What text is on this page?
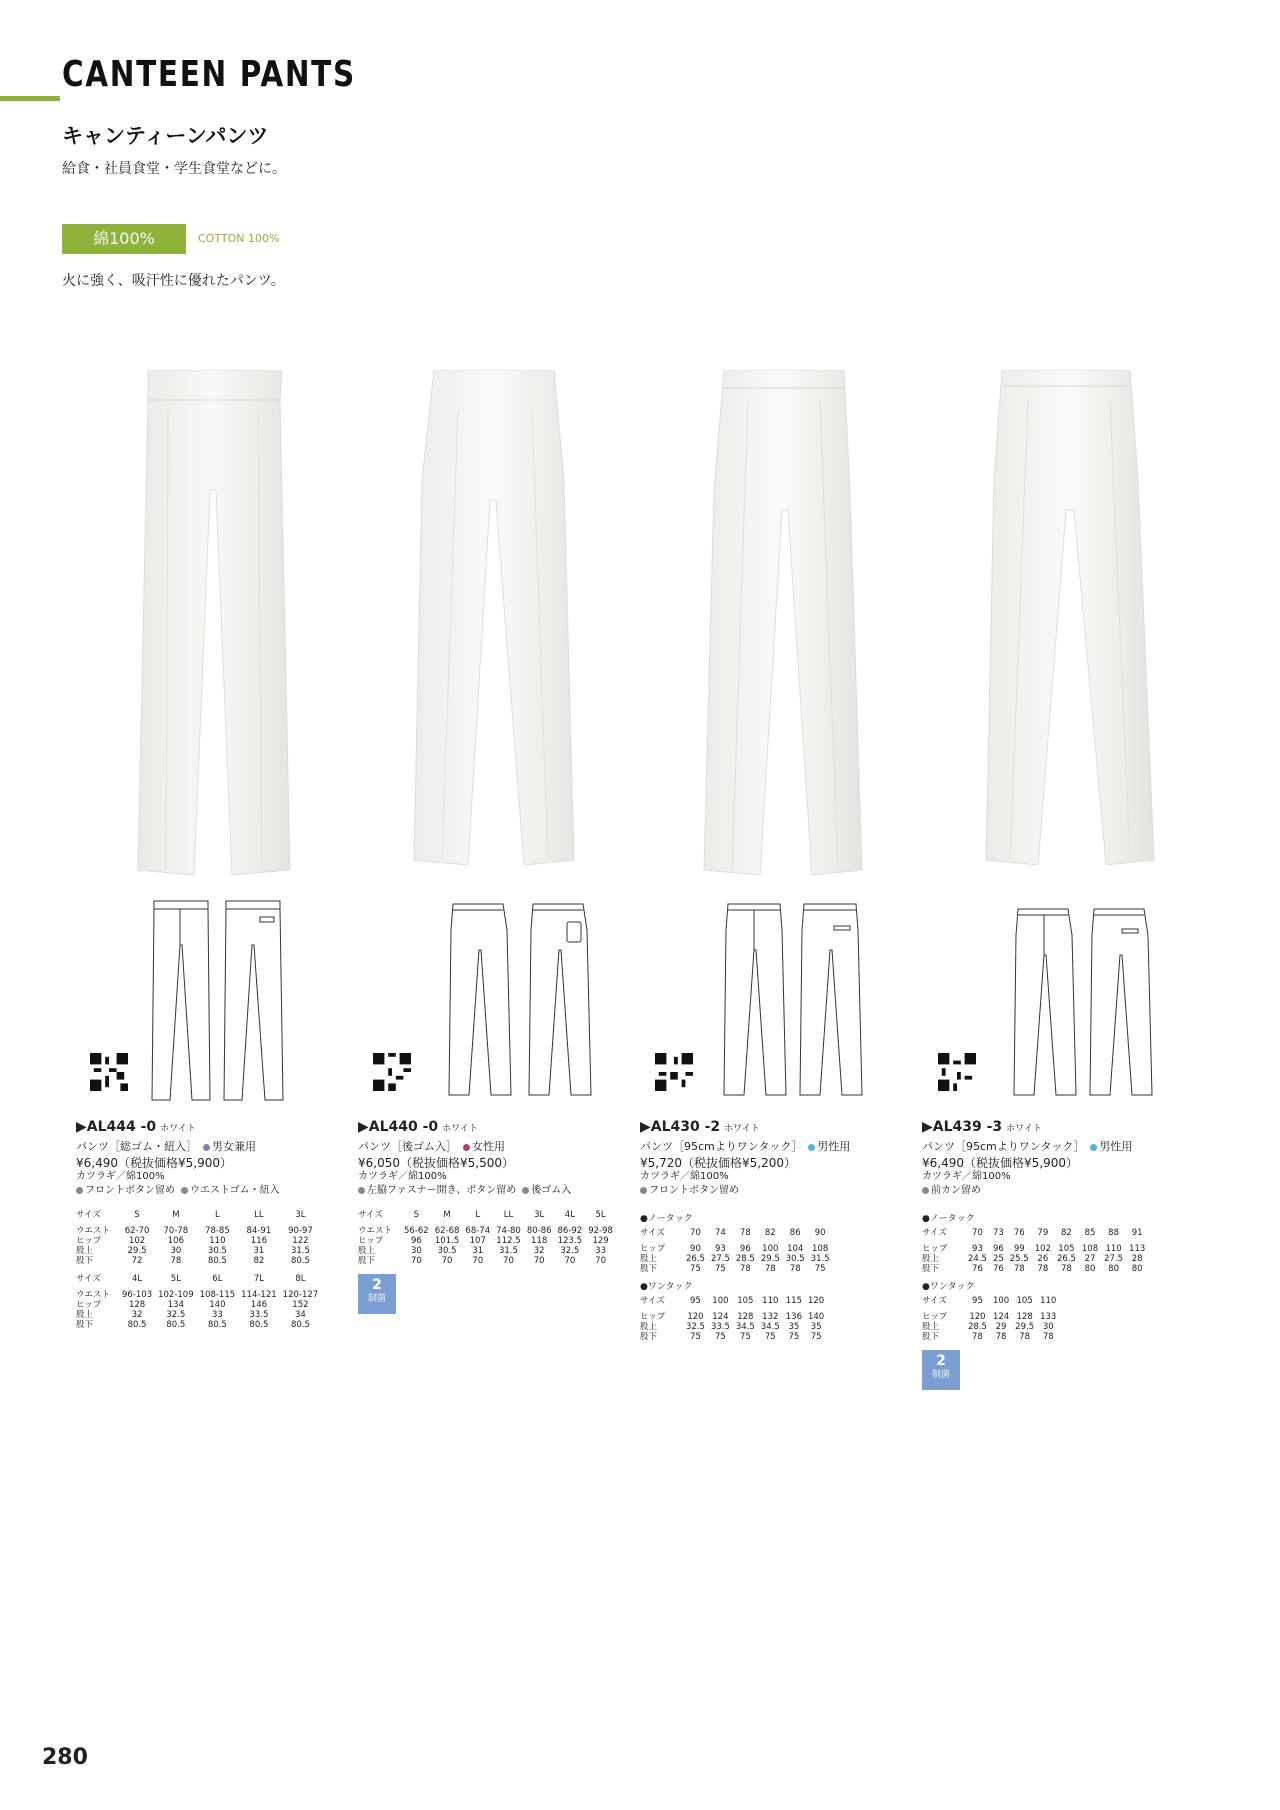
CANTEEN PANTS
キャンティーンパンツ
給食・社員食堂・学生食堂などに。
綿100%	COTTON 100%
火に強く、吸汗性に優れたパンツ。
▶AL444 -0 ホワイト
パンツ［総ゴム・紐入］ 男女兼用
¥6,490（税抜価格¥5,900）
カツラギ／綿100%
フロントボタン留め ウエストゴム・紐入
サイズ	S	M	L	LL	3L

ウエスト	62-70	70-78	78-85	84-91	90-97
ヒップ	102	106	110	116	122
股上	29.5	30	30.5	31	31.5
股下	72	78	80.5	82	80.5

サイズ	4L	5L	6L	7L	8L

ウエスト	96-103	102-109	108-115	114-121	120-127
ヒップ	128	134	140	146	152
股上	32	32.5	33	33.5	34
股下	80.5	80.5	80.5	80.5	80.5
▶AL440 -0 ホワイト
パンツ［後ゴム入］ 女性用
¥6,050（税抜価格¥5,500）
カツラギ／綿100%
左脇ファスナー開き、ボタン留め 後ゴム入
サイズ	S	M	L	LL	3L	4L	5L

ウエスト	56-62	62-68	68-74	74-80	80-86	86-92	92-98
ヒップ	96	101.5	107	112.5	118	123.5	129
股上	30	30.5	31	31.5	32	32.5	33
股下	70	70	70	70	70	70	70
2
制菌
▶AL430 -2 ホワイト
パンツ［95cmよりワンタック］ 男性用
¥5,720（税抜価格¥5,200）
カツラギ／綿100%
フロントボタン留め
●ノータック
サイズ	70	74	78	82	86	90

ヒップ	90	93	96	100	104	108
股上	26.5	27.5	28.5	29.5	30.5	31.5
股下	75	75	78	78	78	75
●ワンタック
サイズ	95	100	105	110	115	120

ヒップ	120	124	128	132	136	140
股上	32.5	33.5	34.5	34.5	35	35
股下	75	75	75	75	75	75
▶AL439 -3 ホワイト
パンツ［95cmよりワンタック］ 男性用
¥6,490（税抜価格¥5,900）
カツラギ／綿100%
前カン留め
●ノータック
サイズ	70	73	76	79	82	85	88	91

ヒップ	93	96	99	102	105	108	110	113
股上	24.5	25	25.5	26	26.5	27	27.5	28
股下	76	76	78	78	78	80	80	80
●ワンタック
サイズ	95	100	105	110

ヒップ	120	124	128	133
股上	28.5	29	29.5	30
股下	78	78	78	78
2
制菌
280
